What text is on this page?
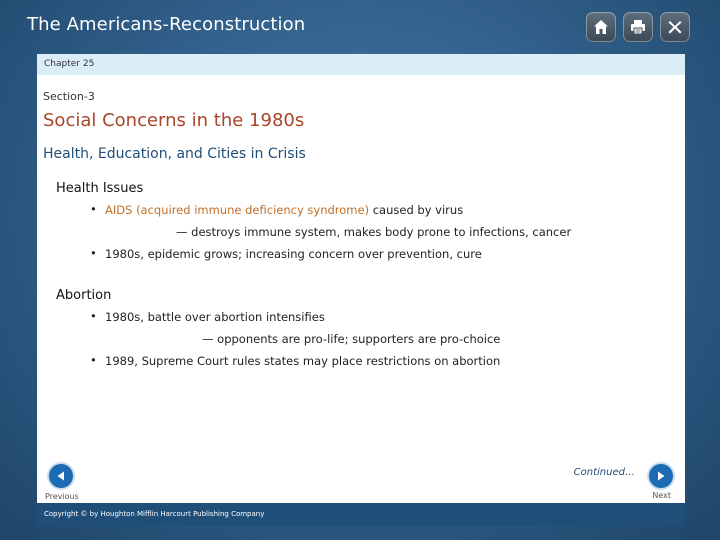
The Americans-Reconstruction
Chapter 25
Section-3
Social Concerns in the 1980s
Health, Education, and Cities in Crisis
Health Issues
• AIDS (acquired immune deficiency syndrome) caused by virus
— destroys immune system, makes body prone to infections, cancer
• 1980s, epidemic grows; increasing concern over prevention, cure
Abortion
• 1980s, battle over abortion intensifies
— opponents are pro-life; supporters are pro-choice
• 1989, Supreme Court rules states may place restrictions on abortion
Continued…
Previous	Next
Copyright © by Houghton Mifflin Harcourt Publishing Company
